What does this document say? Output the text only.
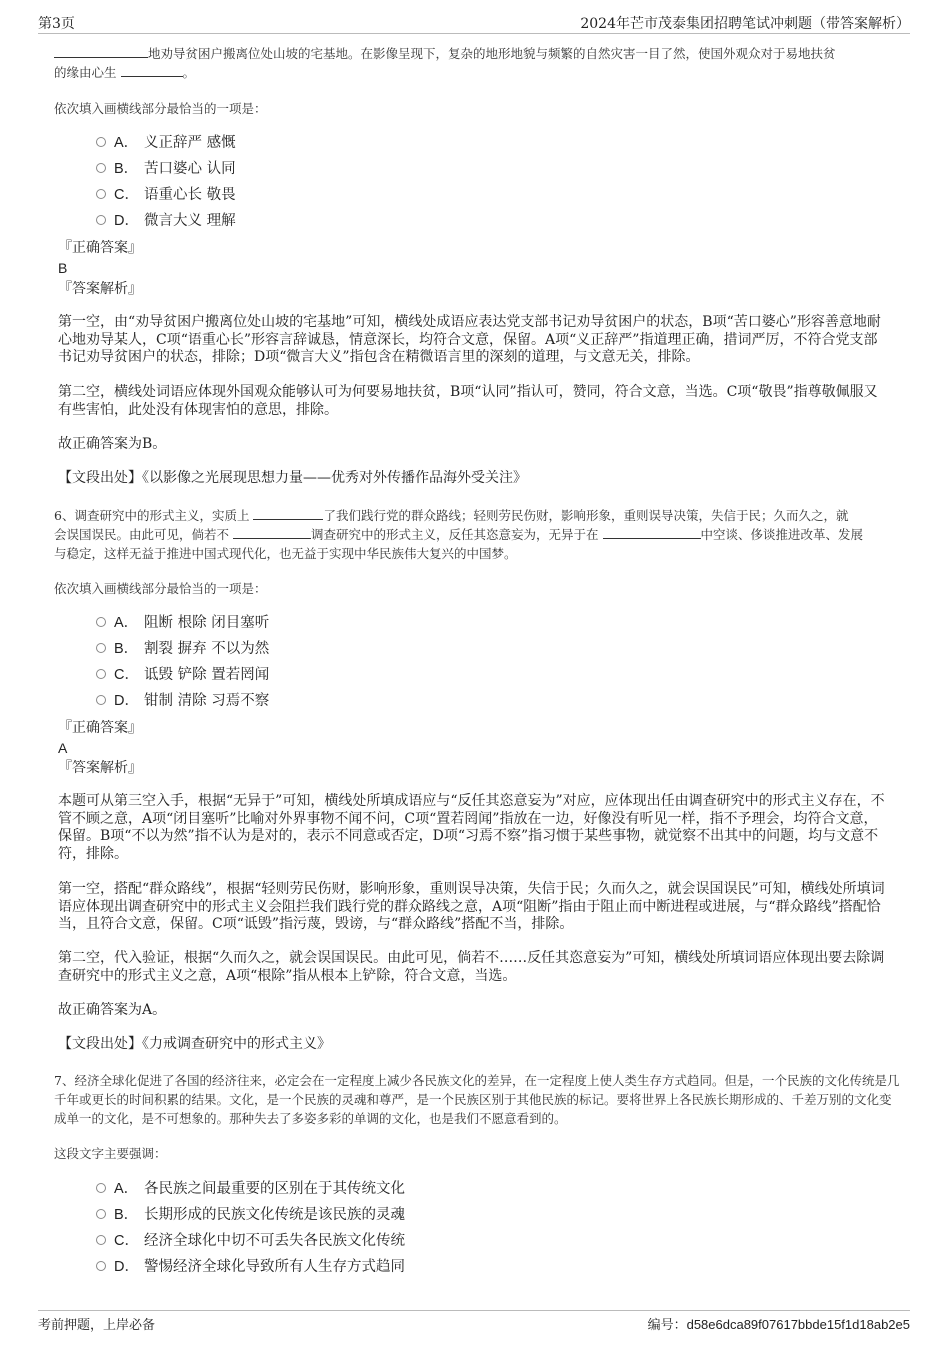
第3页	2024年芒市茂泰集团招聘笔试冲刺题（带答案解析）
地劝导贫困户搬离位处山坡的宅基地。在影像呈现下，复杂的地形地貌与频繁的自然灾害一目了然，使国外观众对于易地扶贫
的缘由心生	。
依次填入画横线部分最恰当的一项是：
A． 义正辞严 感慨
B． 苦口婆心 认同
C． 语重心长 敬畏
D． 微言大义 理解
『正确答案』
B
『答案解析』
第一空，由“劝导贫困户搬离位处山坡的宅基地”可知，横线处成语应表达党支部书记劝导贫困户的状态，B项“苦口婆心”形容善意地耐心地劝导某人，C项“语重心长”形容言辞诚恳，情意深长，均符合文意，保留。A项“义正辞严”指道理正确，措词严厉，不符合党支部书记劝导贫困户的状态，排除；D项“微言大义”指包含在精微语言里的深刻的道理，与文意无关，排除。
第二空，横线处词语应体现外国观众能够认可为何要易地扶贫，B项“认同”指认可，赞同，符合文意，当选。C项“敬畏”指尊敬佩服又有些害怕，此处没有体现害怕的意思，排除。
故正确答案为B。
【文段出处】《以影像之光展现思想力量——优秀对外传播作品海外受关注》
6、调查研究中的形式主义，实质上	了我们践行党的群众路线；轻则劳民伤财，影响形象，重则误导决策，失信于民；久而久之，就
会误国误民。由此可见，倘若不	调查研究中的形式主义，反任其恣意妄为，无异于在	中空谈、侈谈推进改革、发展
与稳定，这样无益于推进中国式现代化，也无益于实现中华民族伟大复兴的中国梦。
依次填入画横线部分最恰当的一项是：
A． 阻断 根除 闭目塞听
B． 割裂 摒弃 不以为然
C． 诋毁 铲除 置若罔闻
D． 钳制 清除 习焉不察
『正确答案』
A
『答案解析』
本题可从第三空入手，根据“无异于”可知，横线处所填成语应与“反任其恣意妄为”对应，应体现出任由调查研究中的形式主义存在，不管不顾之意，A项“闭目塞听”比喻对外界事物不闻不问，C项“置若罔闻”指放在一边，好像没有听见一样，指不予理会，均符合文意，保留。B项“不以为然”指不认为是对的，表示不同意或否定，D项“习焉不察”指习惯于某些事物，就觉察不出其中的问题，均与文意不符，排除。
第一空，搭配“群众路线”，根据“轻则劳民伤财，影响形象，重则误导决策，失信于民；久而久之，就会误国误民”可知，横线处所填词语应体现出调查研究中的形式主义会阻拦我们践行党的群众路线之意，A项“阻断”指由于阻止而中断进程或进展，与“群众路线”搭配恰当，且符合文意，保留。C项“诋毁”指污蔑，毁谤，与“群众路线”搭配不当，排除。
第二空，代入验证，根据“久而久之，就会误国误民。由此可见，倘若不……反任其恣意妄为”可知，横线处所填词语应体现出要去除调查研究中的形式主义之意，A项“根除”指从根本上铲除，符合文意，当选。
故正确答案为A。
【文段出处】《力戒调查研究中的形式主义》
7、经济全球化促进了各国的经济往来，必定会在一定程度上减少各民族文化的差异，在一定程度上使人类生存方式趋同。但是，一个民族的文化传统是几千年或更长的时间积累的结果。文化，是一个民族的灵魂和尊严，是一个民族区别于其他民族的标记。要将世界上各民族长期形成的、千差万别的文化变成单一的文化，是不可想象的。那种失去了多姿多彩的单调的文化，也是我们不愿意看到的。
这段文字主要强调：
A． 各民族之间最重要的区别在于其传统文化
B． 长期形成的民族文化传统是该民族的灵魂
C． 经济全球化中切不可丢失各民族文化传统
D． 警惕经济全球化导致所有人生存方式趋同
考前押题，上岸必备	编号：d58e6dca89f07617bbde15f1d18ab2e5
